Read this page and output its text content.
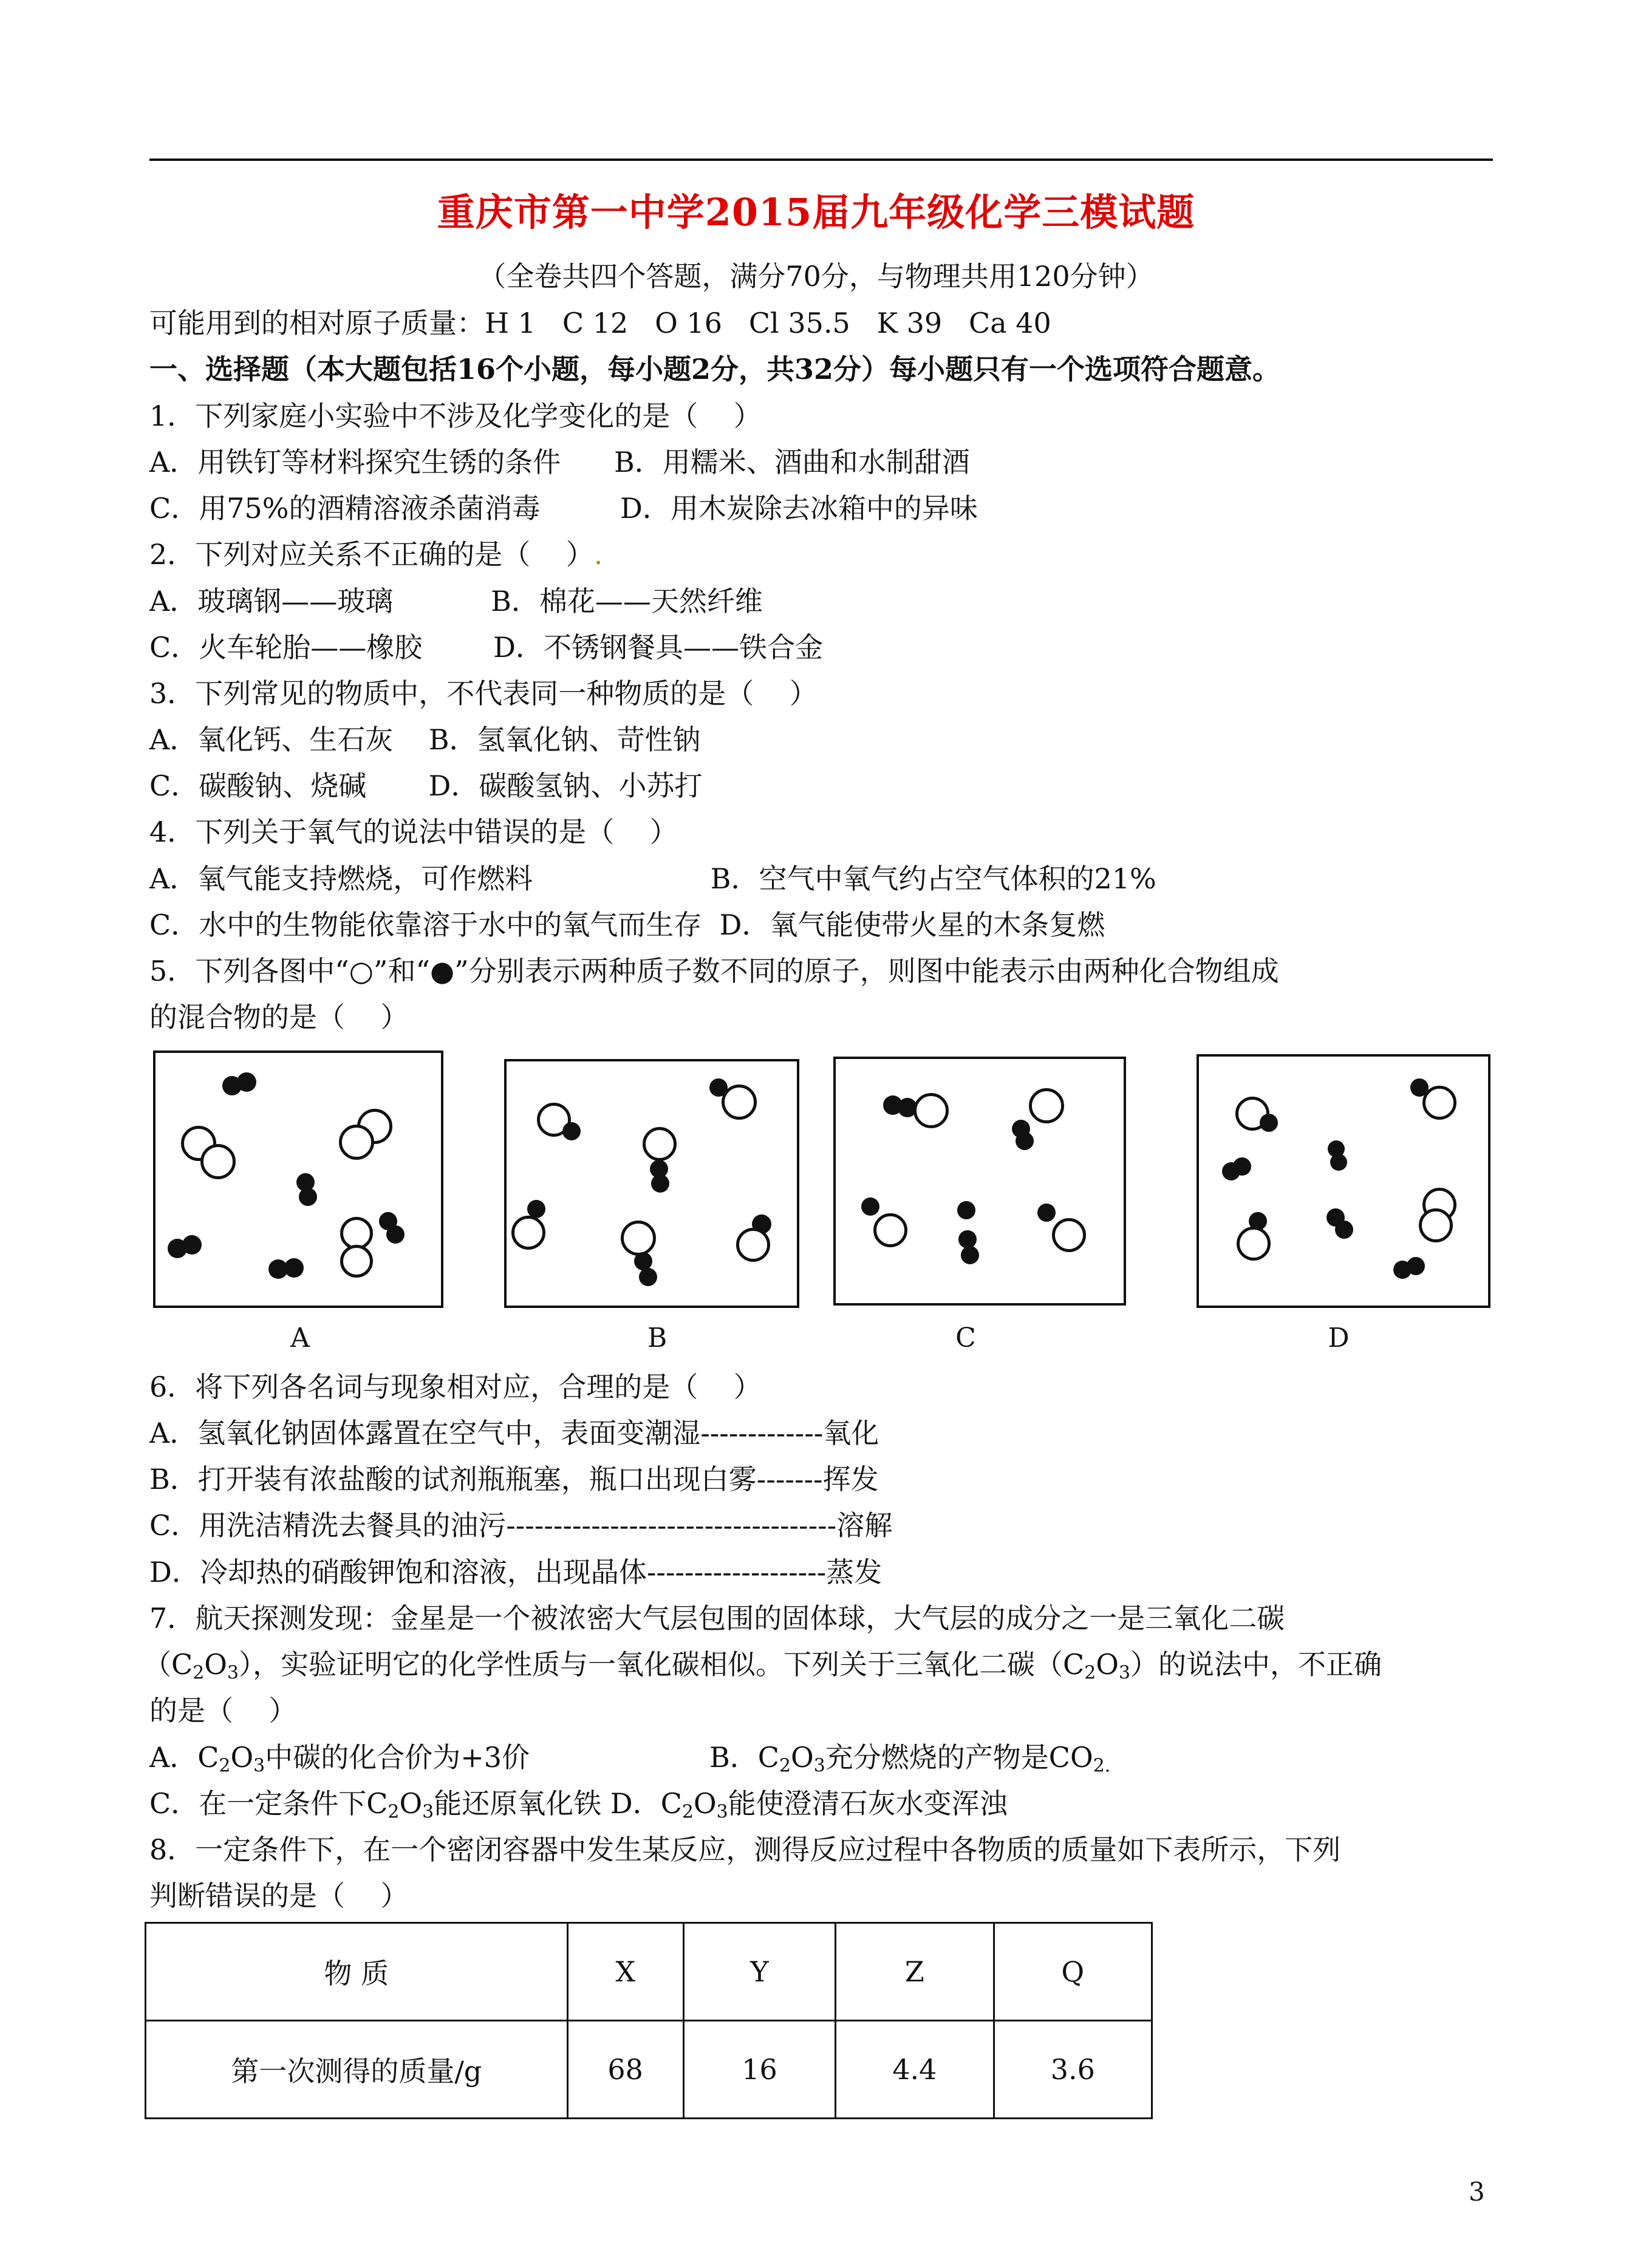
重庆市第一中学2015届九年级化学三模试题
（全卷共四个答题，满分70分，与物理共用120分钟）
可能用到的相对原子质量：H 1   C 12   O 16   Cl 35.5   K 39   Ca 40
一、选择题（本大题包括16个小题，每小题2分，共32分）每小题只有一个选项符合题意。
1．下列家庭小实验中不涉及化学变化的是（    ）
A．用铁钉等材料探究生锈的条件      B．用糯米、酒曲和水制甜酒
C．用75%的酒精溶液杀菌消毒         D．用木炭除去冰箱中的异味
2．下列对应关系不正确的是（    ）.
A．玻璃钢——玻璃           B．棉花——天然纤维
C．火车轮胎——橡胶        D．不锈钢餐具——铁合金
3．下列常见的物质中，不代表同一种物质的是（    ）
A．氧化钙、生石灰    B．氢氧化钠、苛性钠
C．碳酸钠、烧碱       D．碳酸氢钠、小苏打
4．下列关于氧气的说法中错误的是（    ）
A．氧气能支持燃烧，可作燃料                    B．空气中氧气约占空气体积的21%
C．水中的生物能依靠溶于水中的氧气而生存  D．氧气能使带火星的木条复燃
5．下列各图中“○”和“●”分别表示两种质子数不同的原子，则图中能表示由两种化合物组成
的混合物的是（    ）
A	B	C	D
6．将下列各名词与现象相对应，合理的是（    ）
A．氢氧化钠固体露置在空气中，表面变潮湿-------------氧化
B．打开装有浓盐酸的试剂瓶瓶塞，瓶口出现白雾-------挥发
C．用洗洁精洗去餐具的油污-----------------------------------溶解
D．冷却热的硝酸钾饱和溶液，出现晶体-------------------蒸发
7．航天探测发现：金星是一个被浓密大气层包围的固体球，大气层的成分之一是三氧化二碳
$(C_2O_3)$，实验证明它的化学性质与一氧化碳相似。下列关于三氧化二碳$(C_2O_3)$的说法中，不正确
的是（    ）
A．$C_2O_3$中碳的化合价为+3价	B．$C_2O_3$充分燃烧的产物是$CO_{2.}$
C．在一定条件下$C_2O_3$能还原氧化铁 D．$C_2O_3$能使澄清石灰水变浑浊
8．一定条件下，在一个密闭容器中发生某反应，测得反应过程中各物质的质量如下表所示，下列
判断错误的是（    ）
物 质	X	Y	Z	Q
第一次测得的质量/g	68	16	4.4	3.6
3
